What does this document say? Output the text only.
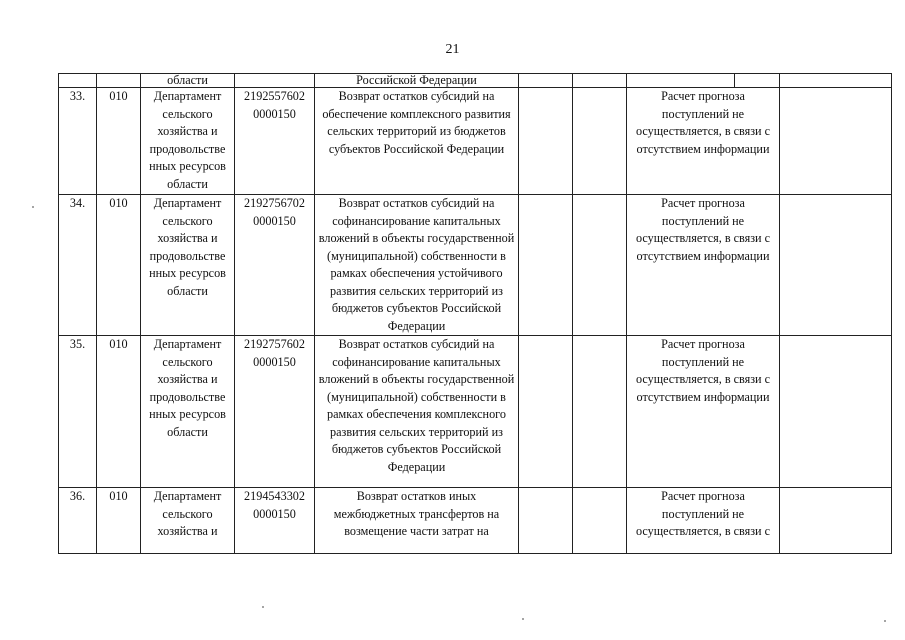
21
		области		Российской Федерации					
33.	010	Департамент сельского хозяйства и продовольстве нных ресурсов области	2192557602 0000150	Возврат остатков субсидий на обеспечение комплексного развития сельских территорий из бюджетов субъектов Российской Федерации			Расчет прогноза поступлений не осуществляется, в связи с отсутствием информации		
34.	010	Департамент сельского хозяйства и продовольстве нных ресурсов области	2192756702 0000150	Возврат остатков субсидий на софинансирование капитальных вложений в объекты государственной (муниципальной) собственности в рамках обеспечения устойчивого развития сельских территорий из бюджетов субъектов Российской Федерации			Расчет прогноза поступлений не осуществляется, в связи с отсутствием информации		
35.	010	Департамент сельского хозяйства и продовольстве нных ресурсов области	2192757602 0000150	Возврат остатков субсидий на софинансирование капитальных вложений в объекты государственной (муниципальной) собственности в рамках обеспечения комплексного развития сельских территорий из бюджетов субъектов Российской Федерации			Расчет прогноза поступлений не осуществляется, в связи с отсутствием информации		
36.	010	Департамент сельского хозяйства и	2194543302 0000150	Возврат остатков иных межбюджетных трансфертов на возмещение части затрат на			Расчет прогноза поступлений не осуществляется, в связи с		
